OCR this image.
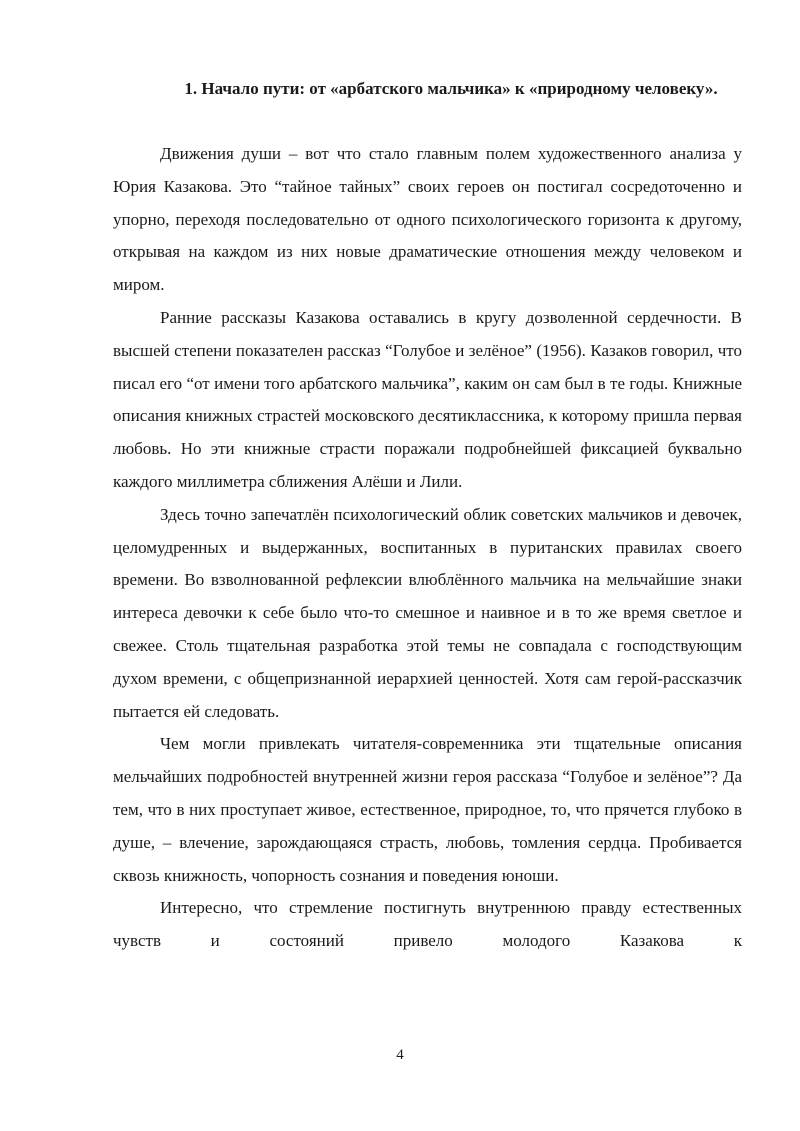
1. Начало пути: от «арбатского мальчика» к «природному человеку».

Движения души – вот что стало главным полем художественного анализа у Юрия Казакова. Это “тайное тайных” своих героев он постигал сосредоточенно и упорно, переходя последовательно от одного психологического горизонта к другому, открывая на каждом из них новые драматические отношения между человеком и миром.

Ранние рассказы Казакова оставались в кругу дозволенной сердечности. В высшей степени показателен рассказ “Голубое и зелёное” (1956). Казаков говорил, что писал его “от имени того арбатского мальчика”, каким он сам был в те годы. Книжные описания книжных страстей московского десятиклассника, к которому пришла первая любовь. Но эти книжные страсти поражали подробнейшей фиксацией буквально каждого миллиметра сближения Алёши и Лили.

Здесь точно запечатлён психологический облик советских мальчиков и девочек, целомудренных и выдержанных, воспитанных в пуританских правилах своего времени. Во взволнованной рефлексии влюблённого мальчика на мельчайшие знаки интереса девочки к себе было что-то смешное и наивное и в то же время светлое и свежее. Столь тщательная разработка этой темы не совпадала с господствующим духом времени, с общепризнанной иерархией ценностей. Хотя сам герой-рассказчик пытается ей следовать.

Чем могли привлекать читателя-современника эти тщательные описания мельчайших подробностей внутренней жизни героя рассказа “Голубое и зелёное”? Да тем, что в них проступает живое, естественное, природное, то, что прячется глубоко в душе, – влечение, зарождающаяся страсть, любовь, томления сердца. Пробивается сквозь книжность, чопорность сознания и поведения юноши.

Интересно, что стремление постигнуть внутреннюю правду естественных чувств и состояний привело молодого Казакова к

4
